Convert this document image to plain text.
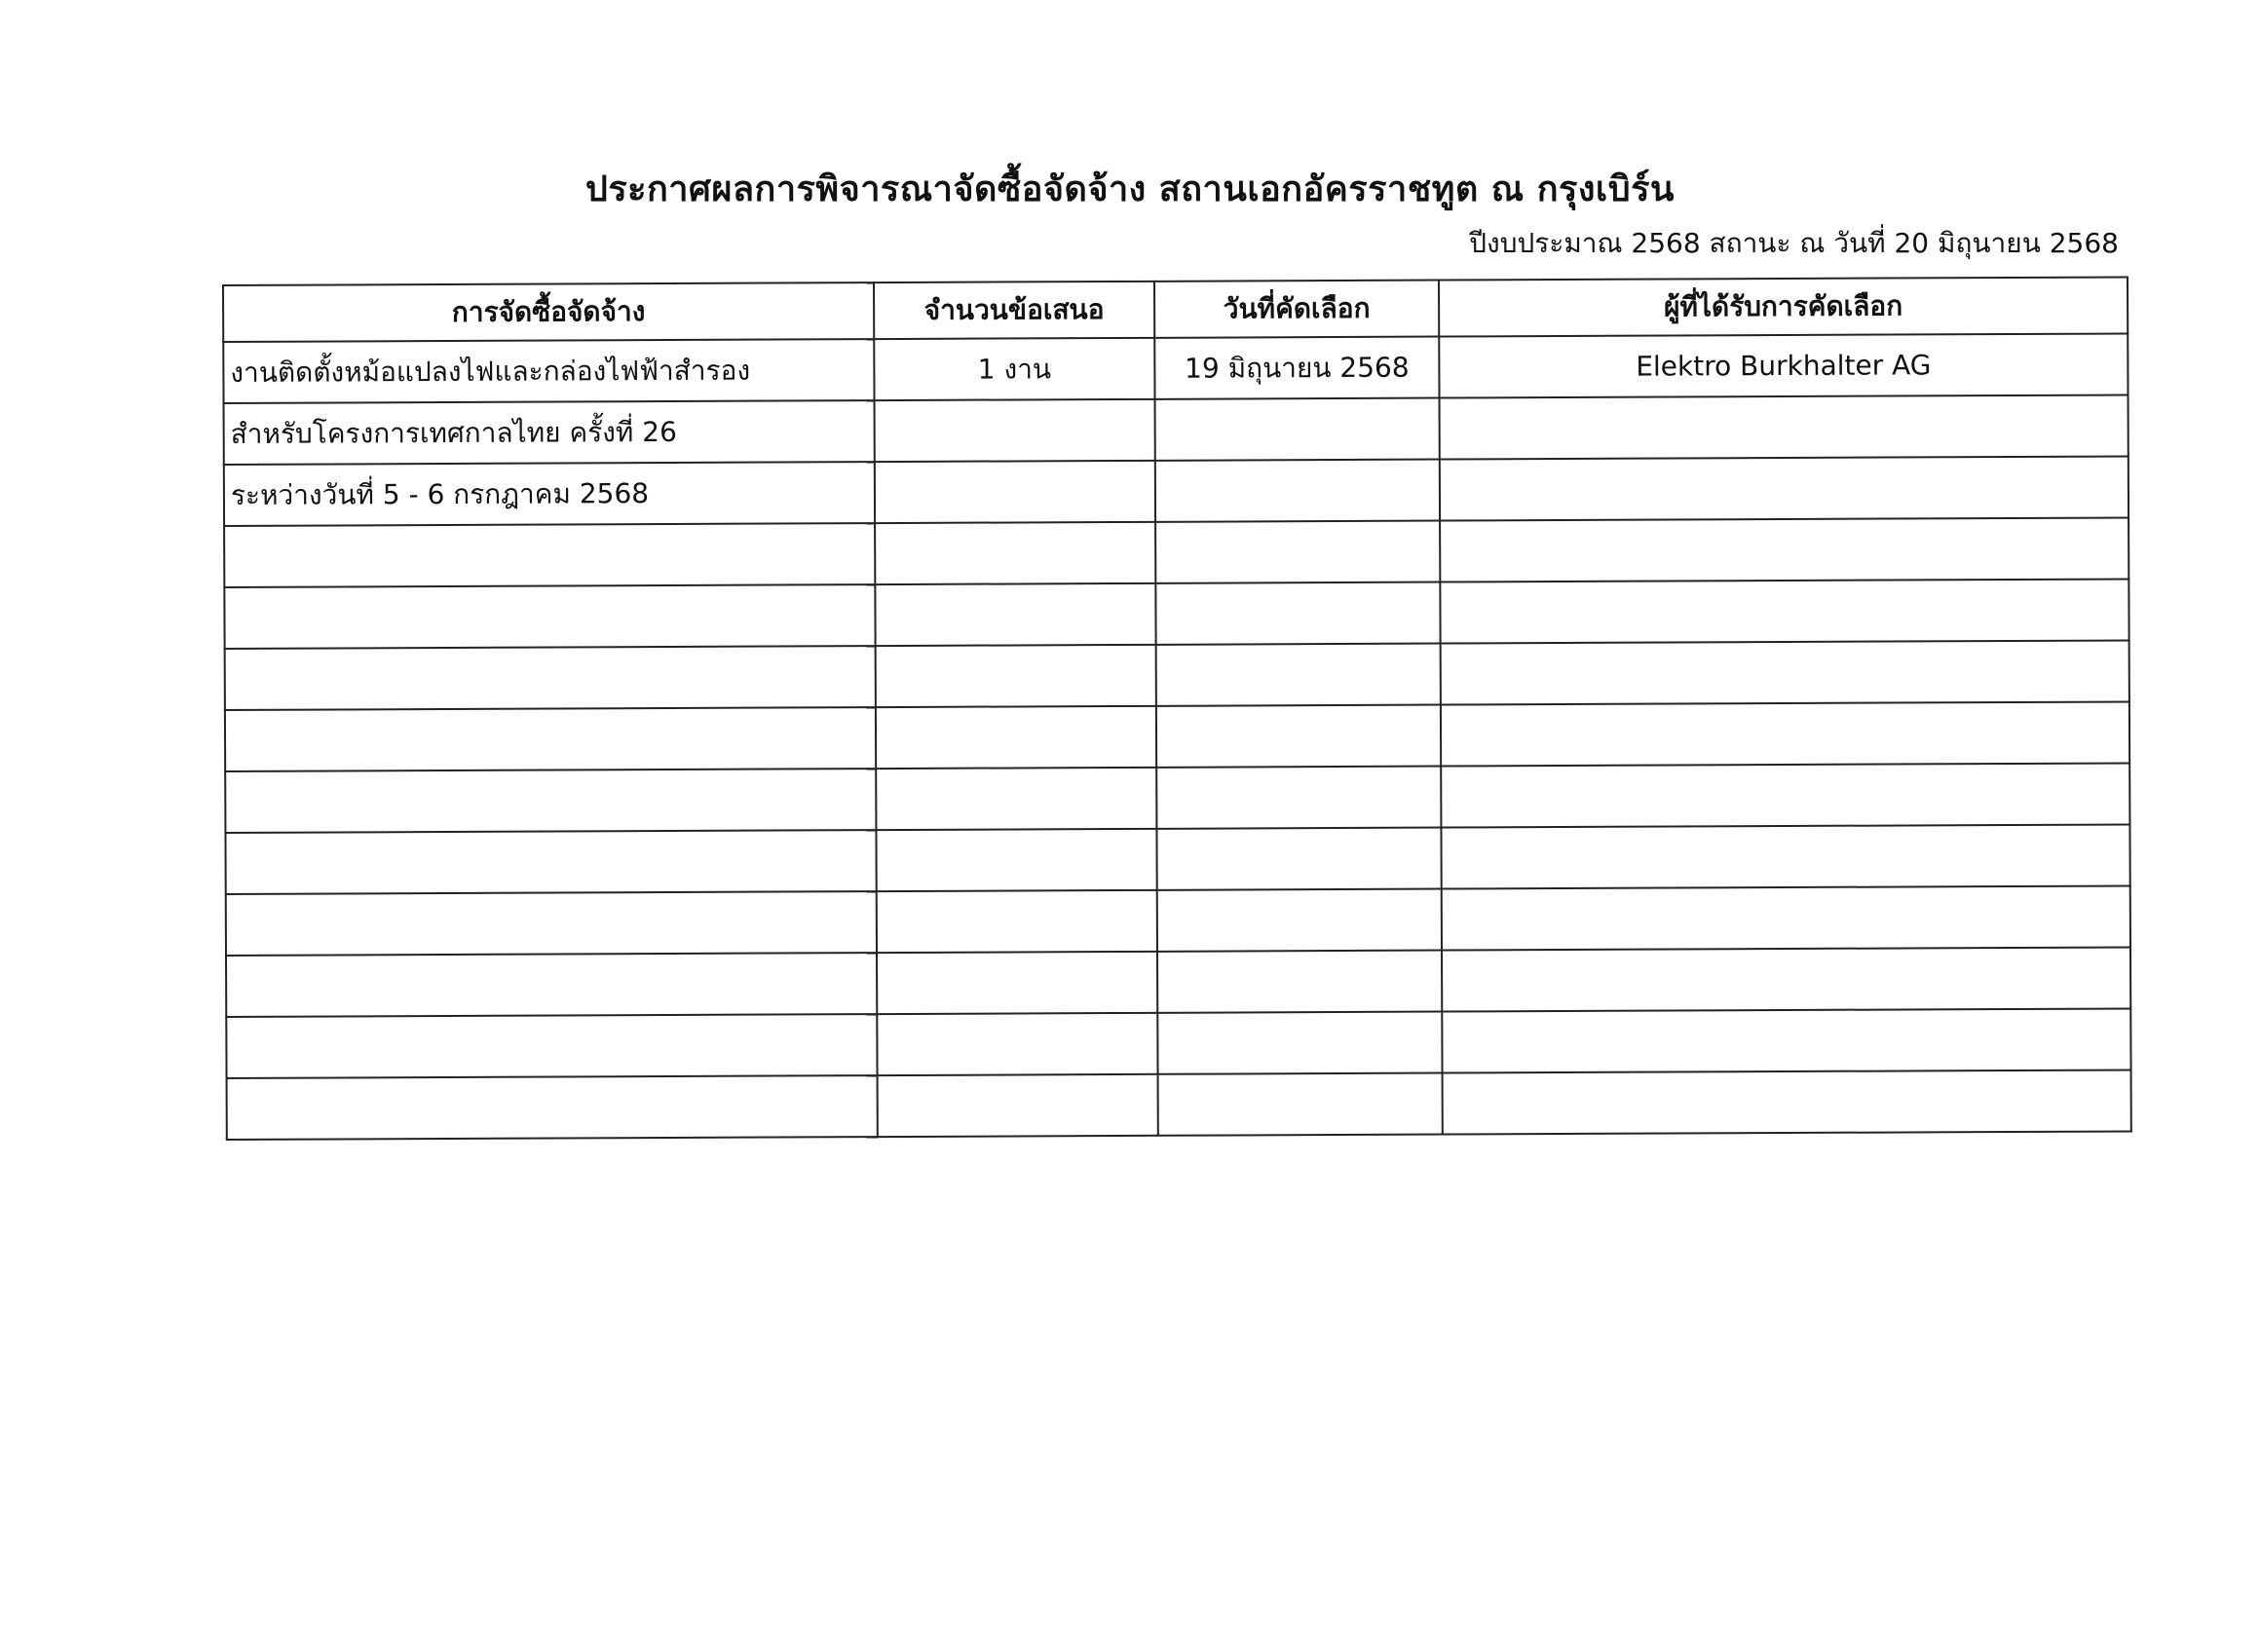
ประกาศผลการพิจารณาจัดซื้อจัดจ้าง สถานเอกอัครราชทูต ณ กรุงเบิร์น
ปีงบประมาณ 2568 สถานะ ณ วันที่ 20 มิถุนายน 2568
การจัดซื้อจัดจ้าง	จำนวนข้อเสนอ	วันที่คัดเลือก	ผู้ที่ได้รับการคัดเลือก
งานติดตั้งหม้อแปลงไฟและกล่องไฟฟ้าสำรอง	1 งาน	19 มิถุนายน 2568	Elektro Burkhalter AG
สำหรับโครงการเทศกาลไทย ครั้งที่ 26			
ระหว่างวันที่ 5 - 6 กรกฎาคม 2568			
